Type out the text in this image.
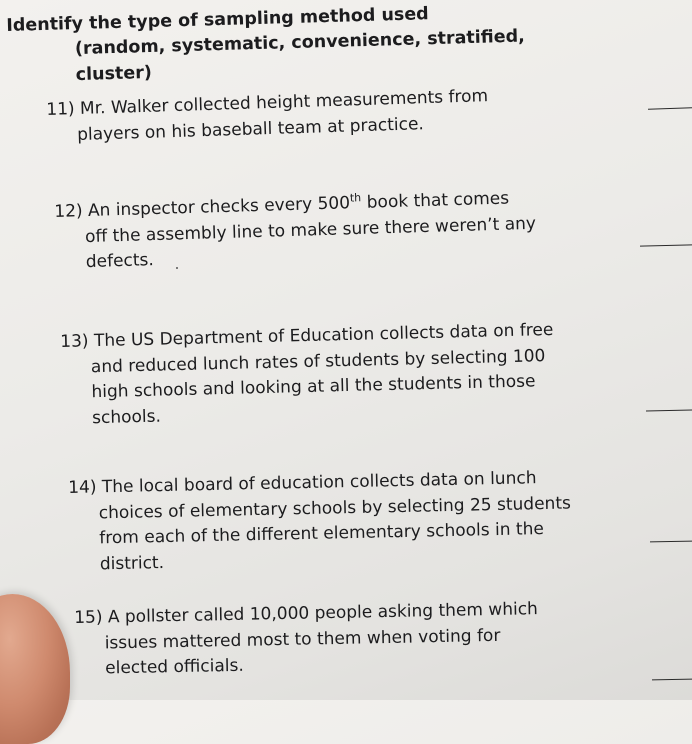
Identify the type of sampling method used

(random, systematic, convenience, stratified, cluster)

11) Mr. Walker collected height measurements from players on his baseball team at practice.
12) An inspector checks every 500th book that comes off the assembly line to make sure there weren’t any defects.
13) The US Department of Education collects data on free and reduced lunch rates of students by selecting 100 high schools and looking at all the students in those schools.
14) The local board of education collects data on lunch choices of elementary schools by selecting 25 students from each of the different elementary schools in the district.
15) A pollster called 10,000 people asking them which issues mattered most to them when voting for elected officials.
